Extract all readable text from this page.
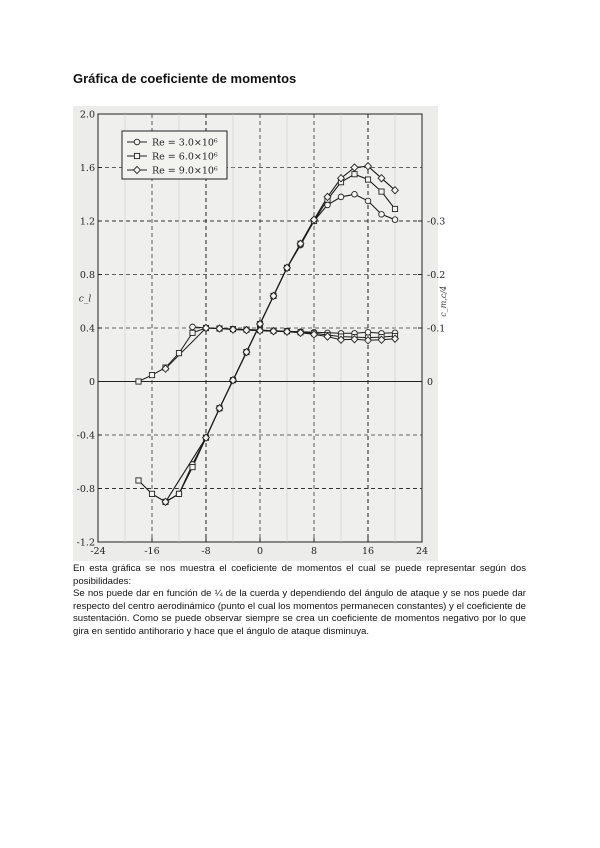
Gráfica de coeficiente de momentos
-1.2
-0.8
-0.4
0
0.4
0.8
1.2
1.6
2.0
-24	-16	-8	0	8	16	24
0
-0.1
-0.2
-0.3
c_l	c_m,c/4
Re = 3.0×10⁶
Re = 6.0×10⁶
Re = 9.0×10⁶

En esta gráfica se nos muestra el coeficiente de momentos el cual se puede representar según dos posibilidades:

Se nos puede dar en función de ¼ de la cuerda y dependiendo del ángulo de ataque y se nos puede dar respecto del centro aerodinámico (punto el cual los momentos permanecen constantes) y el coeficiente de sustentación. Como se puede observar siempre se crea un coeficiente de momentos negativo por lo que gira en sentido antihorario y hace que el ángulo de ataque disminuya.
